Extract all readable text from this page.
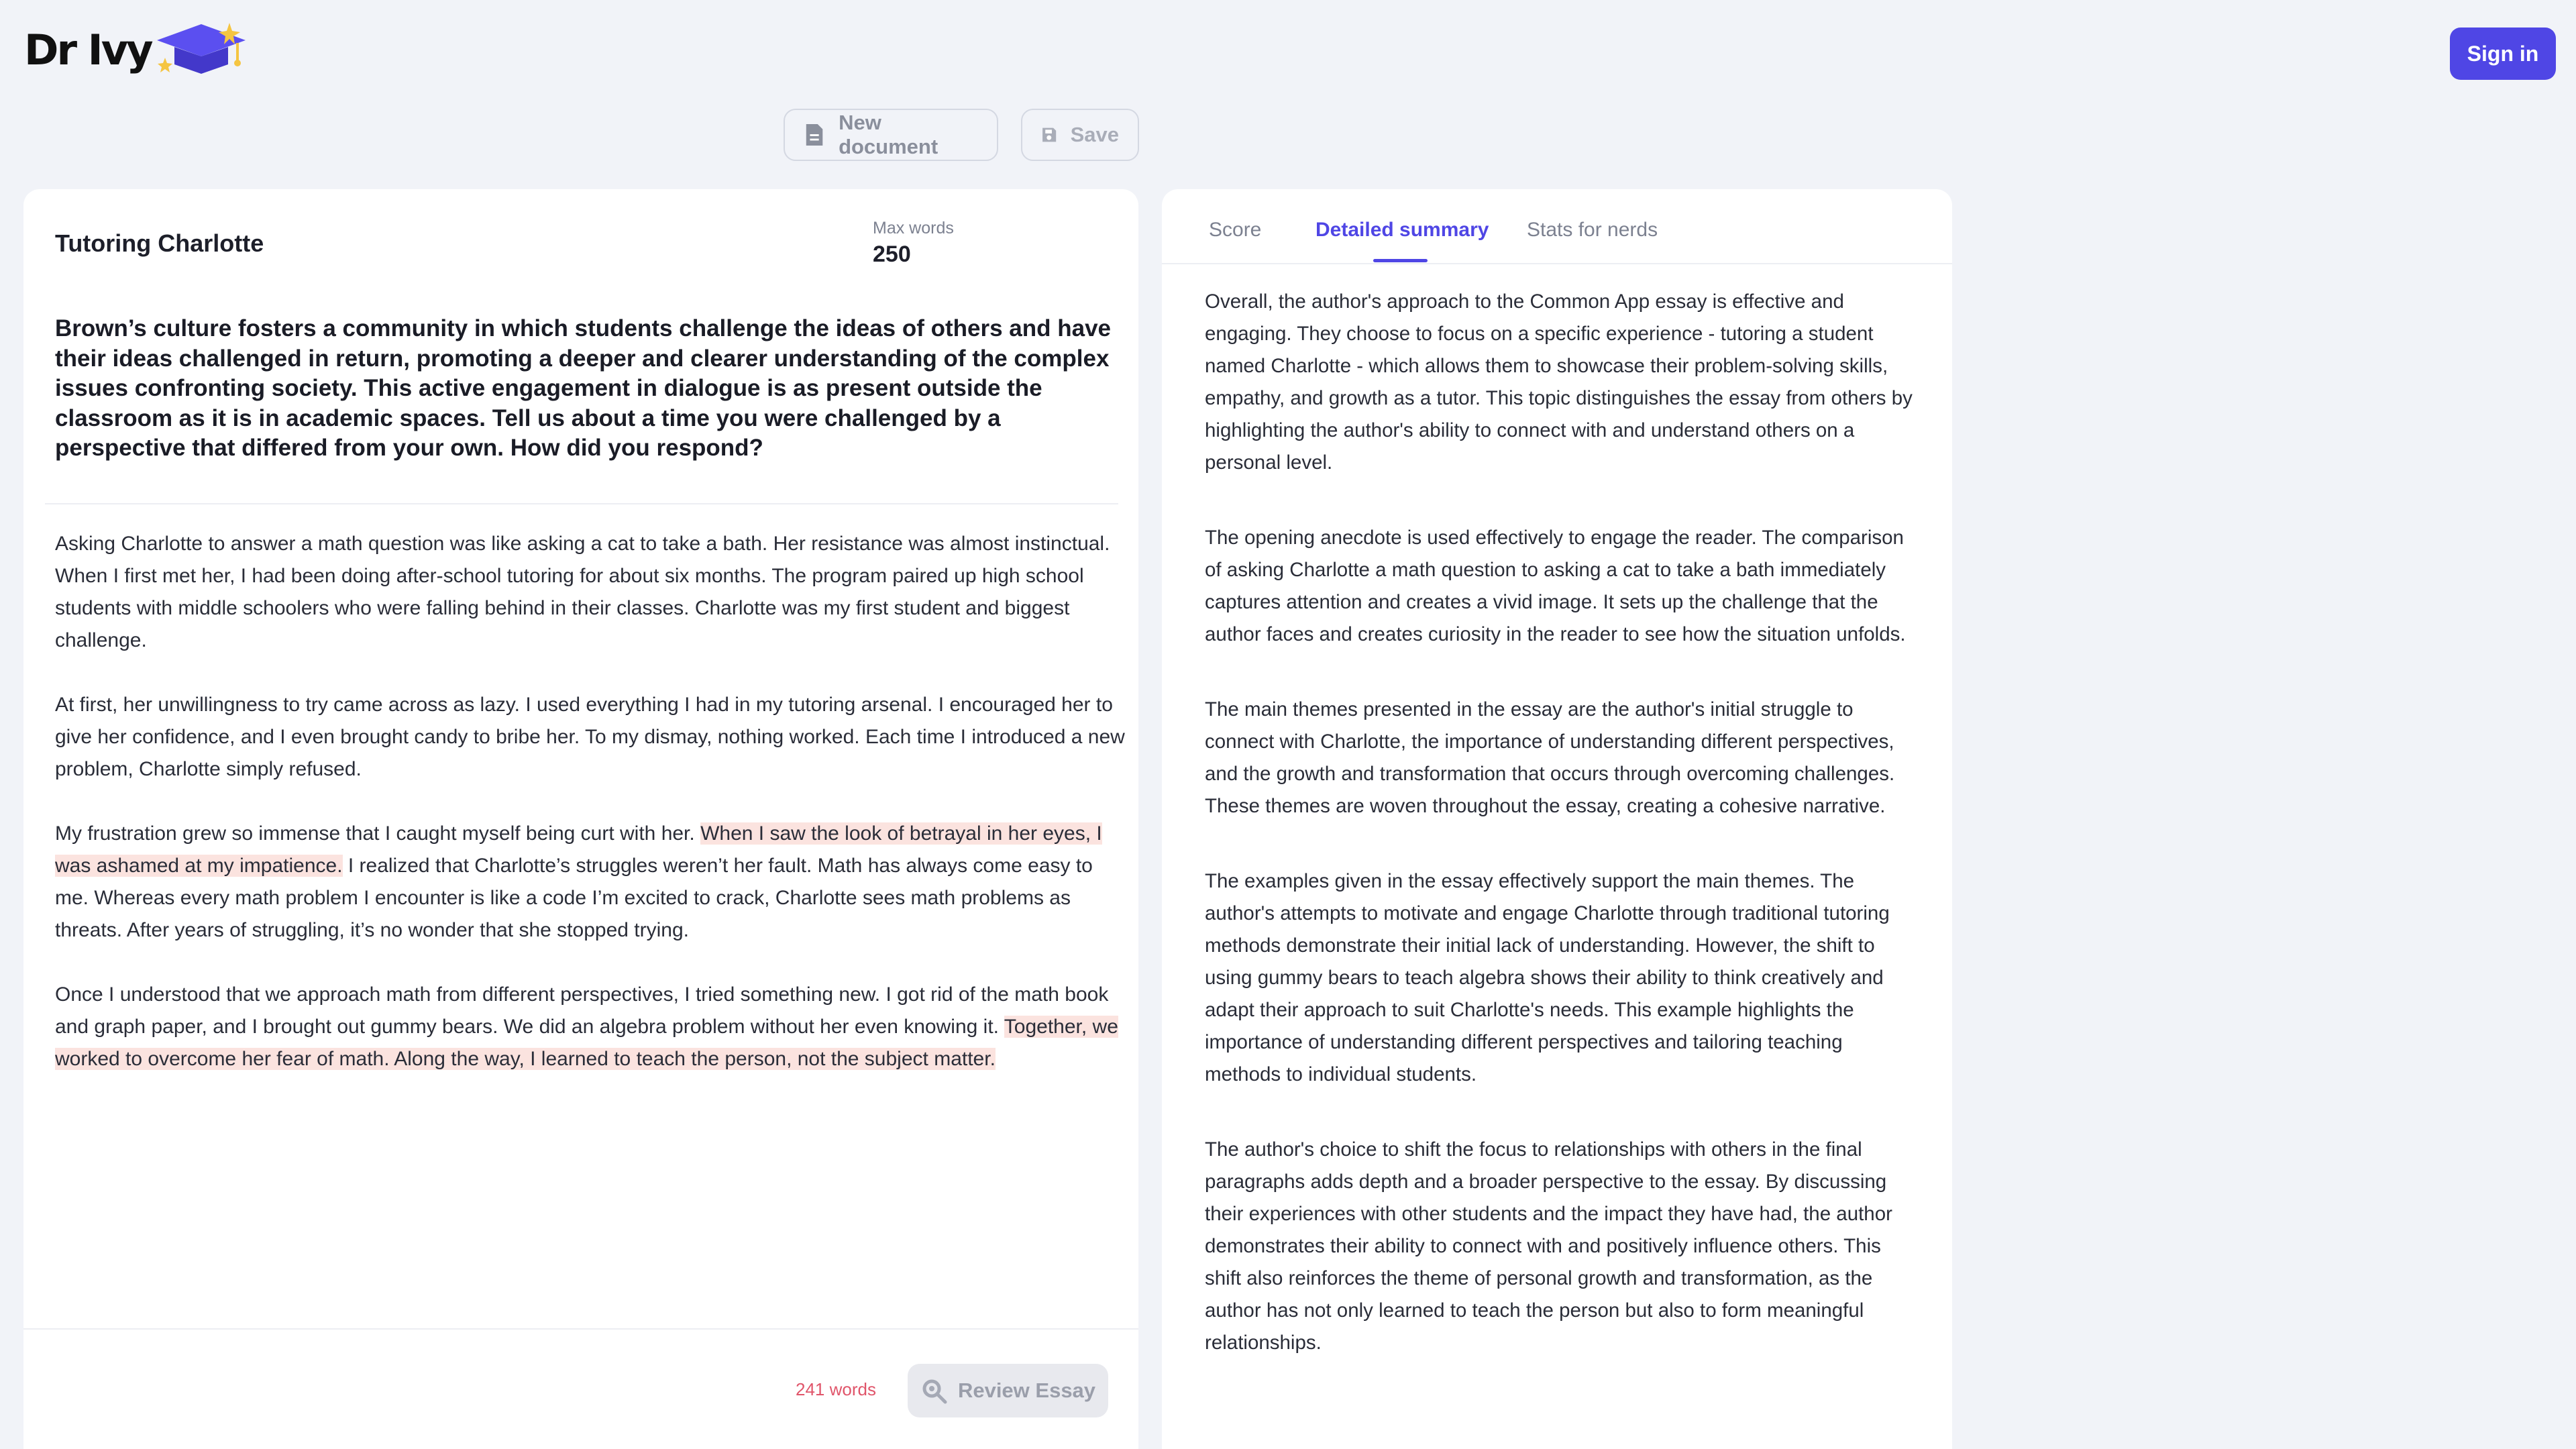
Dr Ivy	Sign in
New document
Save
Tutoring Charlotte
Max words
250
Brown’s culture fosters a community in which students challenge the ideas of others and have their ideas challenged in return, promoting a deeper and clearer understanding of the complex issues confronting society. This active engagement in dialogue is as present outside the classroom as it is in academic spaces. Tell us about a time you were challenged by a perspective that differed from your own. How did you respond?

Asking Charlotte to answer a math question was like asking a cat to take a bath. Her resistance was almost instinctual. When I first met her, I had been doing after-school tutoring for about six months. The program paired up high school students with middle schoolers who were falling behind in their classes. Charlotte was my first student and biggest challenge.

At first, her unwillingness to try came across as lazy. I used everything I had in my tutoring arsenal. I encouraged her to give her confidence, and I even brought candy to bribe her. To my dismay, nothing worked. Each time I introduced a new problem, Charlotte simply refused.

My frustration grew so immense that I caught myself being curt with her. When I saw the look of betrayal in her eyes, I was ashamed at my impatience. I realized that Charlotte’s struggles weren’t her fault. Math has always come easy to me. Whereas every math problem I encounter is like a code I’m excited to crack, Charlotte sees math problems as threats. After years of struggling, it’s no wonder that she stopped trying.

Once I understood that we approach math from different perspectives, I tried something new. I got rid of the math book and graph paper, and I brought out gummy bears. We did an algebra problem without her even knowing it. Together, we worked to overcome her fear of math. Along the way, I learned to teach the person, not the subject matter.

241 words	Review Essay
Score	Detailed summary Stats for nerds

Overall, the author's approach to the Common App essay is effective and engaging. They choose to focus on a specific experience - tutoring a student named Charlotte - which allows them to showcase their problem-solving skills, empathy, and growth as a tutor. This topic distinguishes the essay from others by highlighting the author's ability to connect with and understand others on a personal level.

The opening anecdote is used effectively to engage the reader. The comparison of asking Charlotte a math question to asking a cat to take a bath immediately captures attention and creates a vivid image. It sets up the challenge that the author faces and creates curiosity in the reader to see how the situation unfolds.

The main themes presented in the essay are the author's initial struggle to connect with Charlotte, the importance of understanding different perspectives, and the growth and transformation that occurs through overcoming challenges. These themes are woven throughout the essay, creating a cohesive narrative.

The examples given in the essay effectively support the main themes. The author's attempts to motivate and engage Charlotte through traditional tutoring methods demonstrate their initial lack of understanding. However, the shift to using gummy bears to teach algebra shows their ability to think creatively and adapt their approach to suit Charlotte's needs. This example highlights the importance of understanding different perspectives and tailoring teaching methods to individual students.

The author's choice to shift the focus to relationships with others in the final paragraphs adds depth and a broader perspective to the essay. By discussing their experiences with other students and the impact they have had, the author demonstrates their ability to connect with and positively influence others. This shift also reinforces the theme of personal growth and transformation, as the author has not only learned to teach the person but also to form meaningful relationships.
